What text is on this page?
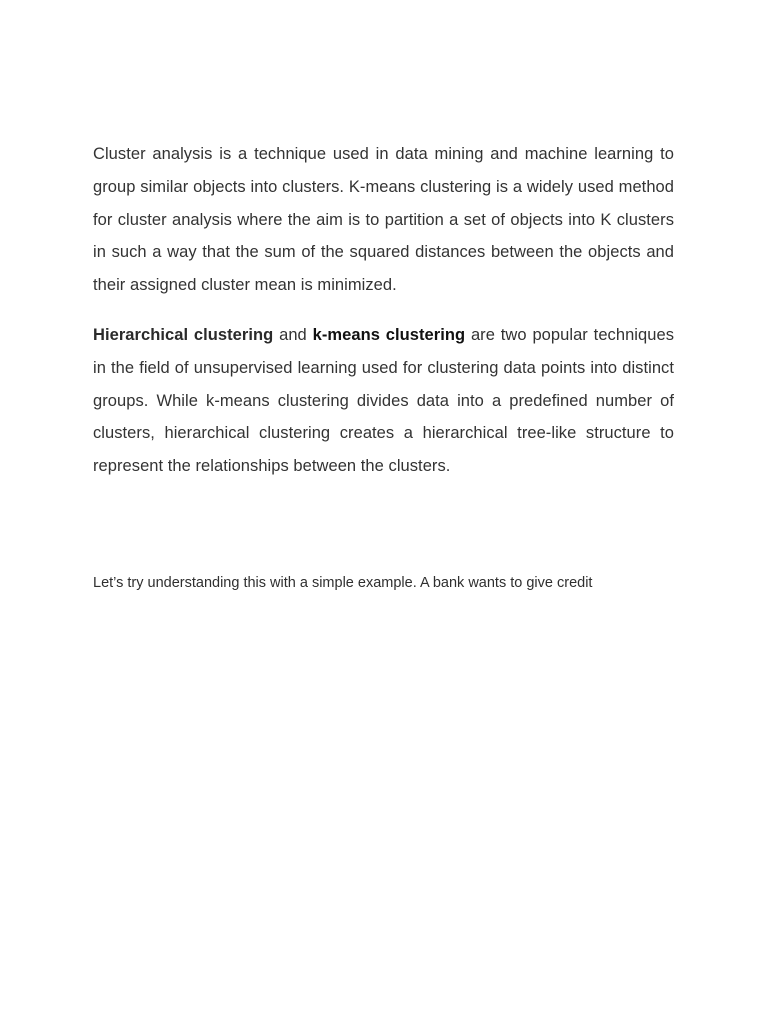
Cluster analysis is a technique used in data mining and machine learning to group similar objects into clusters. K-means clustering is a widely used method for cluster analysis where the aim is to partition a set of objects into K clusters in such a way that the sum of the squared distances between the objects and their assigned cluster mean is minimized.

Hierarchical clustering and k-means clustering are two popular techniques in the field of unsupervised learning used for clustering data points into distinct groups. While k-means clustering divides data into a predefined number of clusters, hierarchical clustering creates a hierarchical tree-like structure to represent the relationships between the clusters.

Let’s try understanding this with a simple example. A bank wants to give credit
